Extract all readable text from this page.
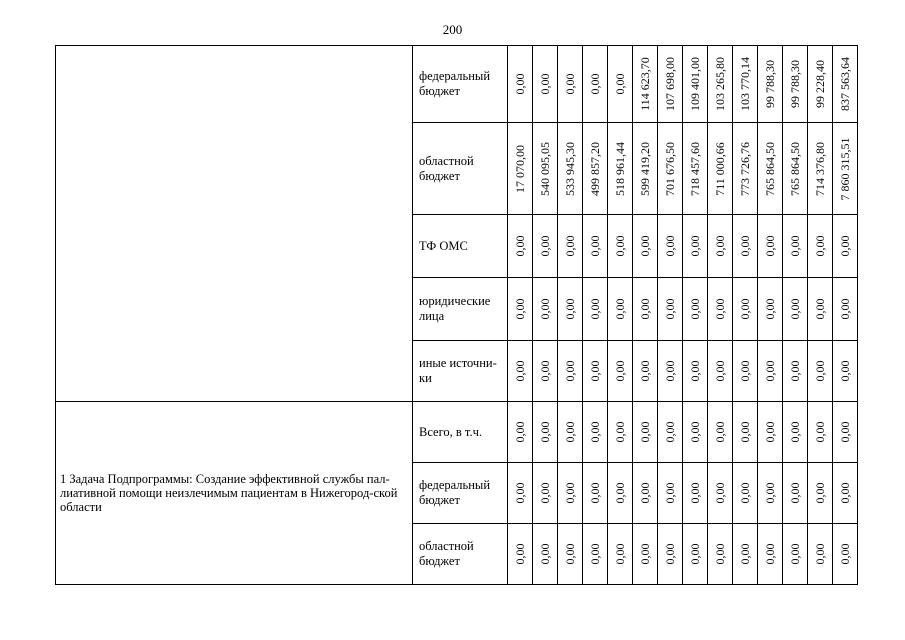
200
	федеральный бюджет	0,00	0,00	0,00	0,00	0,00	114 623,70	107 698,00	109 401,00	103 265,80	103 770,14	99 788,30	99 788,30	99 228,40	837 563,64

	областной бюджет	17 070,00	540 095,05	533 945,30	499 857,20	518 961,44	599 419,20	701 676,50	718 457,60	711 000,66	773 726,76	765 864,50	765 864,50	714 376,80	7 860 315,51

	ТФ ОМС	0,00	0,00	0,00	0,00	0,00	0,00	0,00	0,00	0,00	0,00	0,00	0,00	0,00	0,00

	юридические лица	0,00	0,00	0,00	0,00	0,00	0,00	0,00	0,00	0,00	0,00	0,00	0,00	0,00	0,00

	иные источни-ки	0,00	0,00	0,00	0,00	0,00	0,00	0,00	0,00	0,00	0,00	0,00	0,00	0,00	0,00

1 Задача Подпрограммы: Создание эффективной службы пал-лиативной помощи неизлечимым пациентам в Нижегород-ской области	Всего, в т.ч.	0,00	0,00	0,00	0,00	0,00	0,00	0,00	0,00	0,00	0,00	0,00	0,00	0,00	0,00

	федеральный бюджет	0,00	0,00	0,00	0,00	0,00	0,00	0,00	0,00	0,00	0,00	0,00	0,00	0,00	0,00

	областной бюджет	0,00	0,00	0,00	0,00	0,00	0,00	0,00	0,00	0,00	0,00	0,00	0,00	0,00	0,00
